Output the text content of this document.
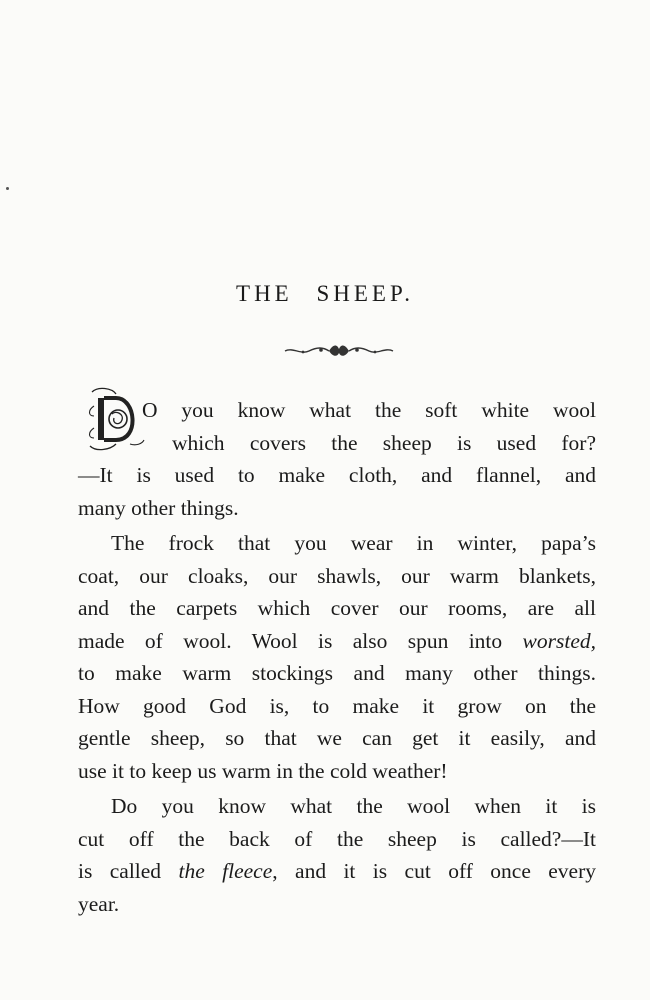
THE SHEEP.
O you know what the soft white wool
which covers the sheep is used for?
—It is used to make cloth, and flannel, and
many other things.
The frock that you wear in winter, papa’s
coat, our cloaks, our shawls, our warm blankets,
and the carpets which cover our rooms, are all
made of wool. Wool is also spun into worsted,
to make warm stockings and many other things.
How good God is, to make it grow on the
gentle sheep, so that we can get it easily, and
use it to keep us warm in the cold weather!
Do you know what the wool when it is
cut off the back of the sheep is called?—It
is called the fleece, and it is cut off once every
year.
